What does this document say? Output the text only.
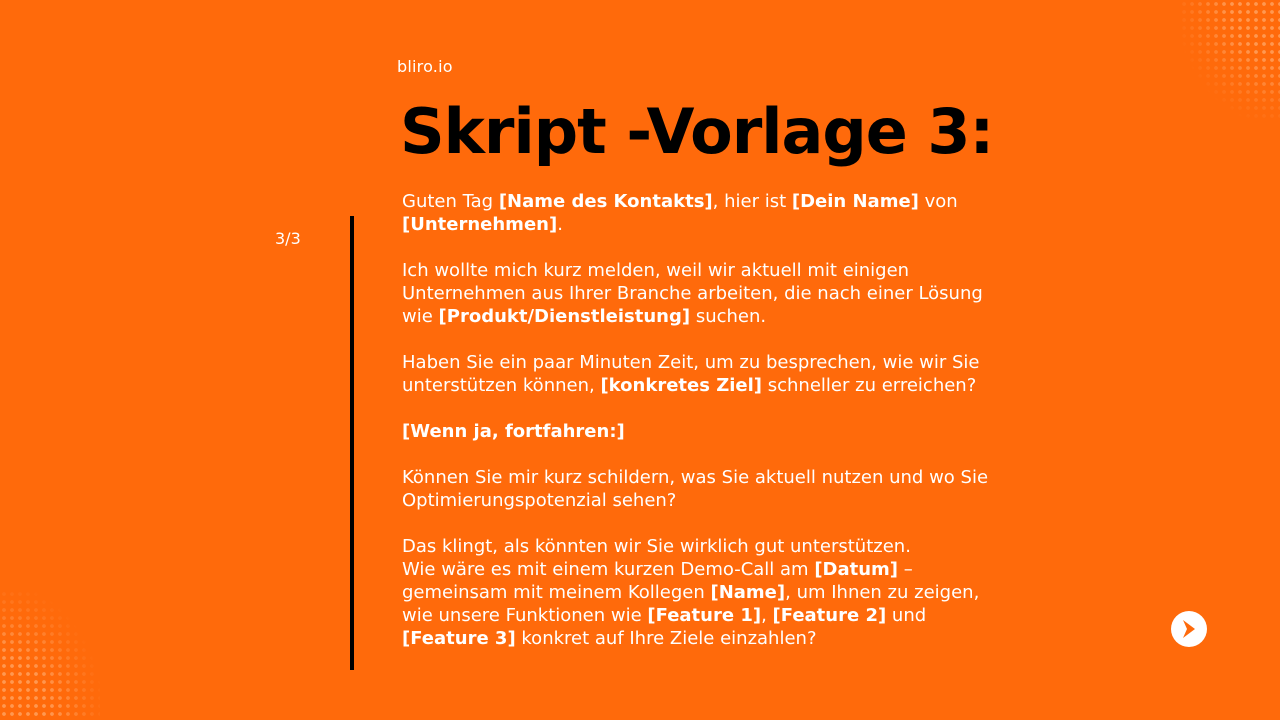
bliro.io
Skript -Vorlage 3:
3/3

Guten Tag [Name des Kontakts], hier ist [Dein Name] von [Unternehmen].

Ich wollte mich kurz melden, weil wir aktuell mit einigen Unternehmen aus Ihrer Branche arbeiten, die nach einer Lösung wie [Produkt/Dienstleistung] suchen.

Haben Sie ein paar Minuten Zeit, um zu besprechen, wie wir Sie unterstützen können, [konkretes Ziel] schneller zu erreichen?

[Wenn ja, fortfahren:]

Können Sie mir kurz schildern, was Sie aktuell nutzen und wo Sie Optimierungspotenzial sehen?

Das klingt, als könnten wir Sie wirklich gut unterstützen.
Wie wäre es mit einem kurzen Demo-Call am [Datum] – gemeinsam mit meinem Kollegen [Name], um Ihnen zu zeigen, wie unsere Funktionen wie [Feature 1], [Feature 2] und [Feature 3] konkret auf Ihre Ziele einzahlen?
